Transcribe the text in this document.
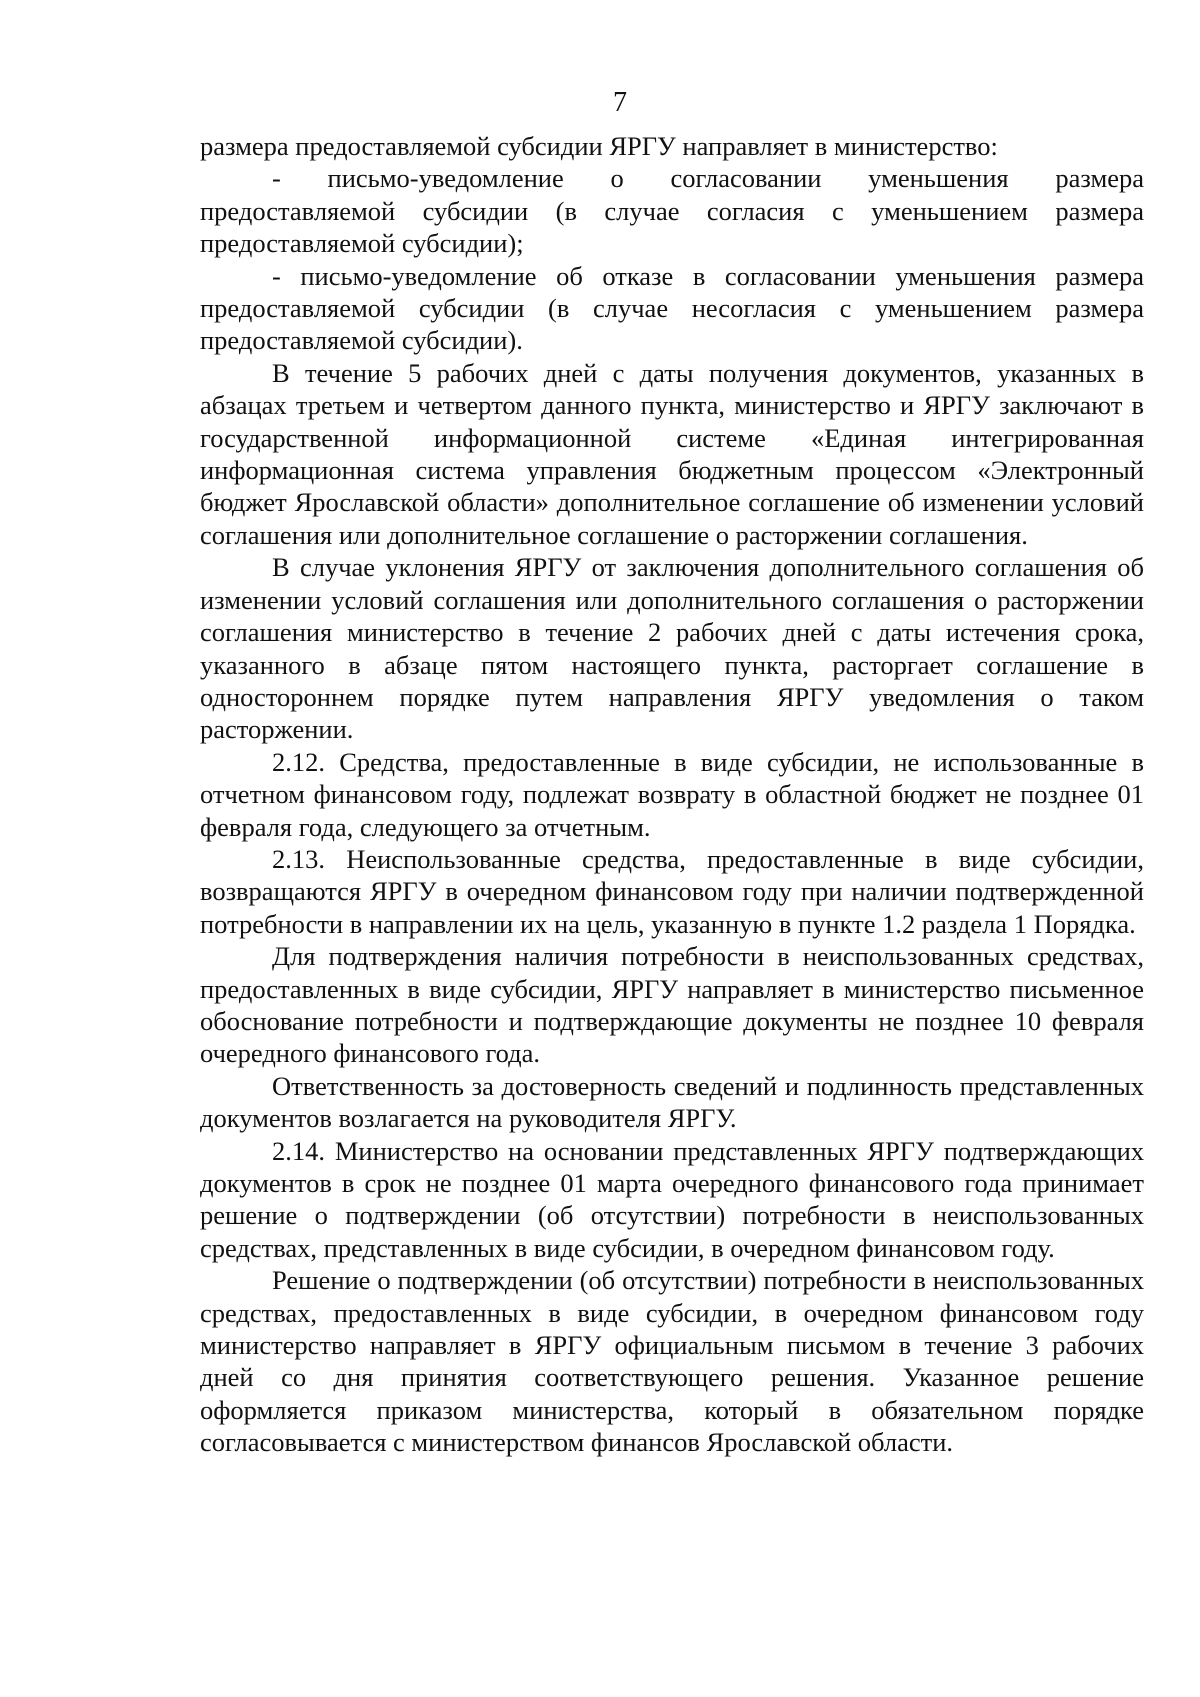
7

размера предоставляемой субсидии ЯРГУ направляет в министерство:

- письмо-уведомление о согласовании уменьшения размера предоставляемой субсидии (в случае согласия с уменьшением размера предоставляемой субсидии);

- письмо-уведомление об отказе в согласовании уменьшения размера предоставляемой субсидии (в случае несогласия с уменьшением размера предоставляемой субсидии).

В течение 5 рабочих дней с даты получения документов, указанных в абзацах третьем и четвертом данного пункта, министерство и ЯРГУ заключают в государственной информационной системе «Единая интегрированная информационная система управления бюджетным процессом «Электронный бюджет Ярославской области» дополнительное соглашение об изменении условий соглашения или дополнительное соглашение о расторжении соглашения.

В случае уклонения ЯРГУ от заключения дополнительного соглашения об изменении условий соглашения или дополнительного соглашения о расторжении соглашения министерство в течение 2 рабочих дней с даты истечения срока, указанного в абзаце пятом настоящего пункта, расторгает соглашение в одностороннем порядке путем направления ЯРГУ уведомления о таком расторжении.

2.12. Средства, предоставленные в виде субсидии, не использованные в отчетном финансовом году, подлежат возврату в областной бюджет не позднее 01 февраля года, следующего за отчетным.

2.13. Неиспользованные средства, предоставленные в виде субсидии, возвращаются ЯРГУ в очередном финансовом году при наличии подтвержденной потребности в направлении их на цель, указанную в пункте 1.2 раздела 1 Порядка.

Для подтверждения наличия потребности в неиспользованных средствах, предоставленных в виде субсидии, ЯРГУ направляет в министерство письменное обоснование потребности и подтверждающие документы не позднее 10 февраля очередного финансового года.

Ответственность за достоверность сведений и подлинность представленных документов возлагается на руководителя ЯРГУ.

2.14. Министерство на основании представленных ЯРГУ подтверждающих документов в срок не позднее 01 марта очередного финансового года принимает решение о подтверждении (об отсутствии) потребности в неиспользованных средствах, представленных в виде субсидии, в очередном финансовом году.

Решение о подтверждении (об отсутствии) потребности в неиспользованных средствах, предоставленных в виде субсидии, в очередном финансовом году министерство направляет в ЯРГУ официальным письмом в течение 3 рабочих дней со дня принятия соответствующего решения. Указанное решение оформляется приказом министерства, который в обязательном порядке согласовывается с министерством финансов Ярославской области.
